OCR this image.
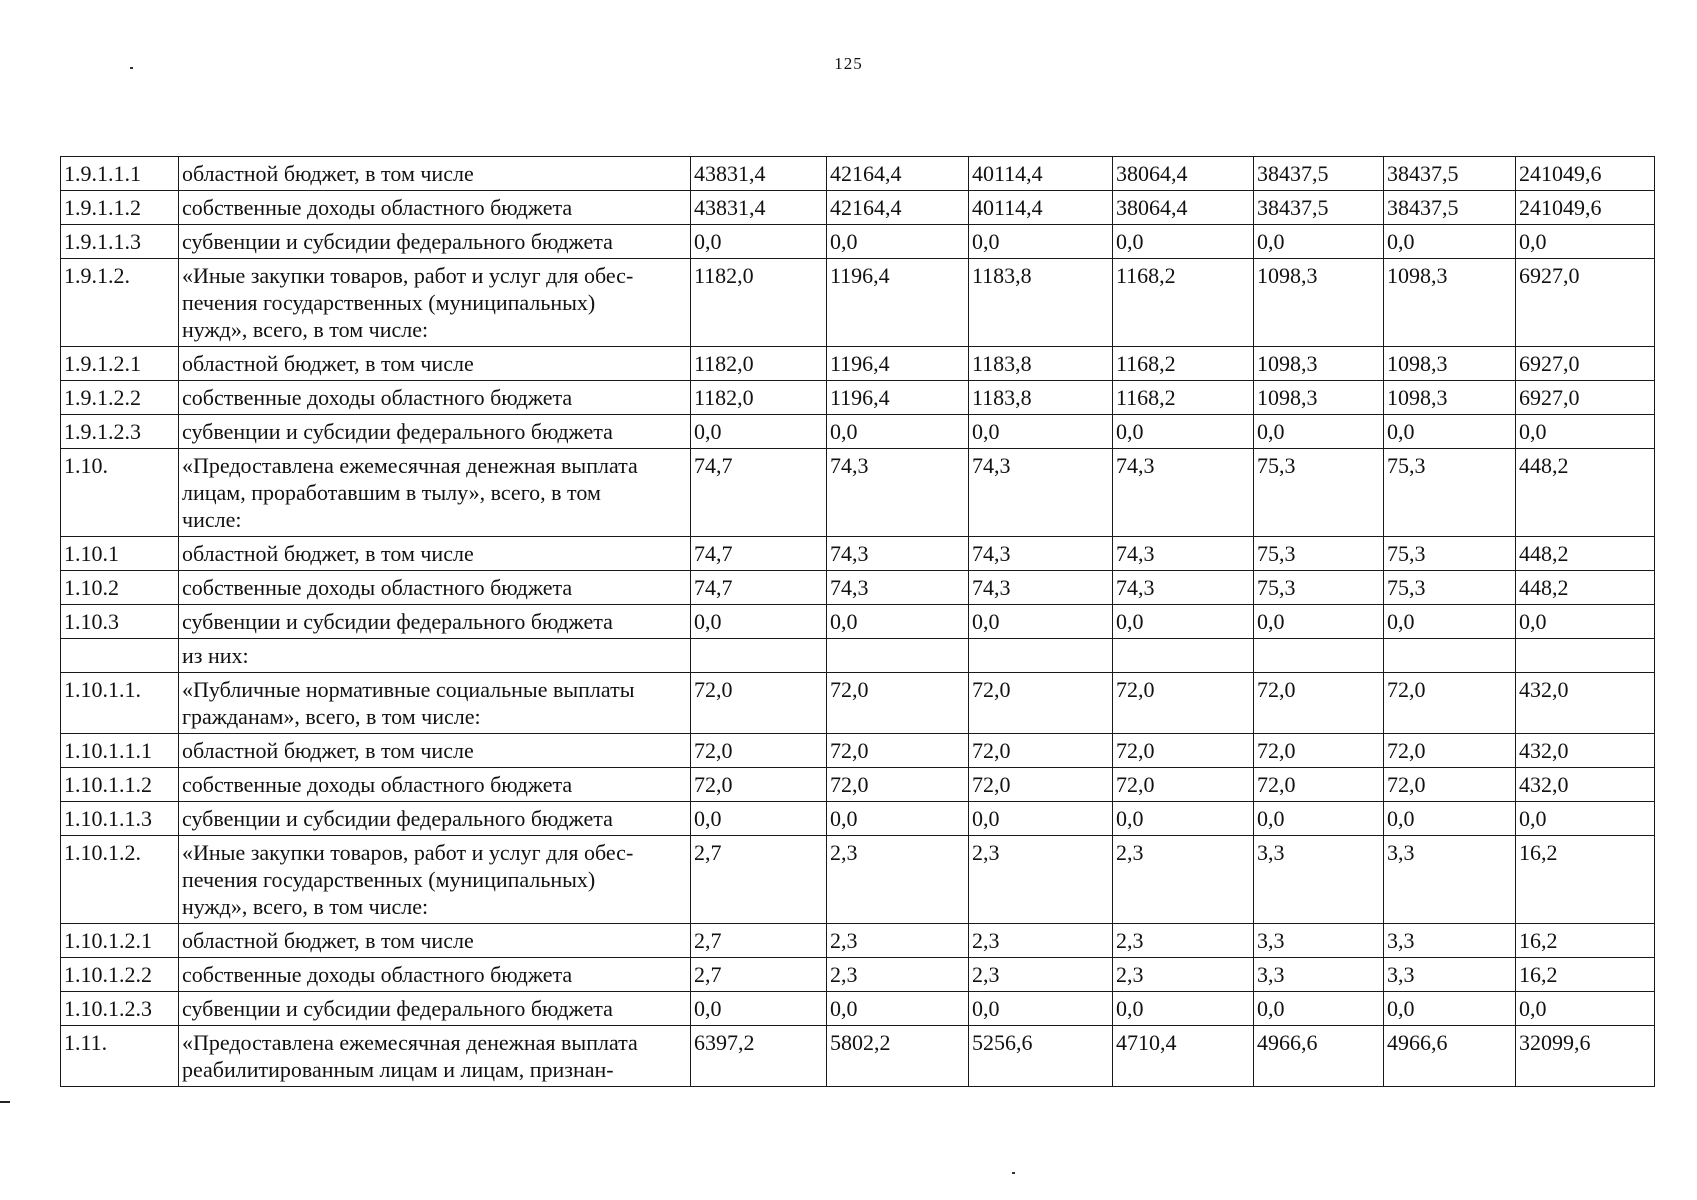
125
1.9.1.1.1	областной бюджет, в том числе	43831,4	42164,4	40114,4	38064,4	38437,5	38437,5	241049,6
1.9.1.1.2	собственные доходы областного бюджета	43831,4	42164,4	40114,4	38064,4	38437,5	38437,5	241049,6
1.9.1.1.3	субвенции и субсидии федерального бюджета	0,0	0,0	0,0	0,0	0,0	0,0	0,0
1.9.1.2.	«Иные закупки товаров, работ и услуг для обес-
печения государственных (муниципальных)
нужд», всего, в том числе:	1182,0	1196,4	1183,8	1168,2	1098,3	1098,3	6927,0
1.9.1.2.1	областной бюджет, в том числе	1182,0	1196,4	1183,8	1168,2	1098,3	1098,3	6927,0
1.9.1.2.2	собственные доходы областного бюджета	1182,0	1196,4	1183,8	1168,2	1098,3	1098,3	6927,0
1.9.1.2.3	субвенции и субсидии федерального бюджета	0,0	0,0	0,0	0,0	0,0	0,0	0,0
1.10.	«Предоставлена ежемесячная денежная выплата
лицам, проработавшим в тылу», всего, в том
числе:	74,7	74,3	74,3	74,3	75,3	75,3	448,2
1.10.1	областной бюджет, в том числе	74,7	74,3	74,3	74,3	75,3	75,3	448,2
1.10.2	собственные доходы областного бюджета	74,7	74,3	74,3	74,3	75,3	75,3	448,2
1.10.3	субвенции и субсидии федерального бюджета	0,0	0,0	0,0	0,0	0,0	0,0	0,0
	из них:							
1.10.1.1.	«Публичные нормативные социальные выплаты
гражданам», всего, в том числе:	72,0	72,0	72,0	72,0	72,0	72,0	432,0
1.10.1.1.1	областной бюджет, в том числе	72,0	72,0	72,0	72,0	72,0	72,0	432,0
1.10.1.1.2	собственные доходы областного бюджета	72,0	72,0	72,0	72,0	72,0	72,0	432,0
1.10.1.1.3	субвенции и субсидии федерального бюджета	0,0	0,0	0,0	0,0	0,0	0,0	0,0
1.10.1.2.	«Иные закупки товаров, работ и услуг для обес-
печения государственных (муниципальных)
нужд», всего, в том числе:	2,7	2,3	2,3	2,3	3,3	3,3	16,2
1.10.1.2.1	областной бюджет, в том числе	2,7	2,3	2,3	2,3	3,3	3,3	16,2
1.10.1.2.2	собственные доходы областного бюджета	2,7	2,3	2,3	2,3	3,3	3,3	16,2
1.10.1.2.3	субвенции и субсидии федерального бюджета	0,0	0,0	0,0	0,0	0,0	0,0	0,0
1.11.	«Предоставлена ежемесячная денежная выплата
реабилитированным лицам и лицам, признан-	6397,2	5802,2	5256,6	4710,4	4966,6	4966,6	32099,6
